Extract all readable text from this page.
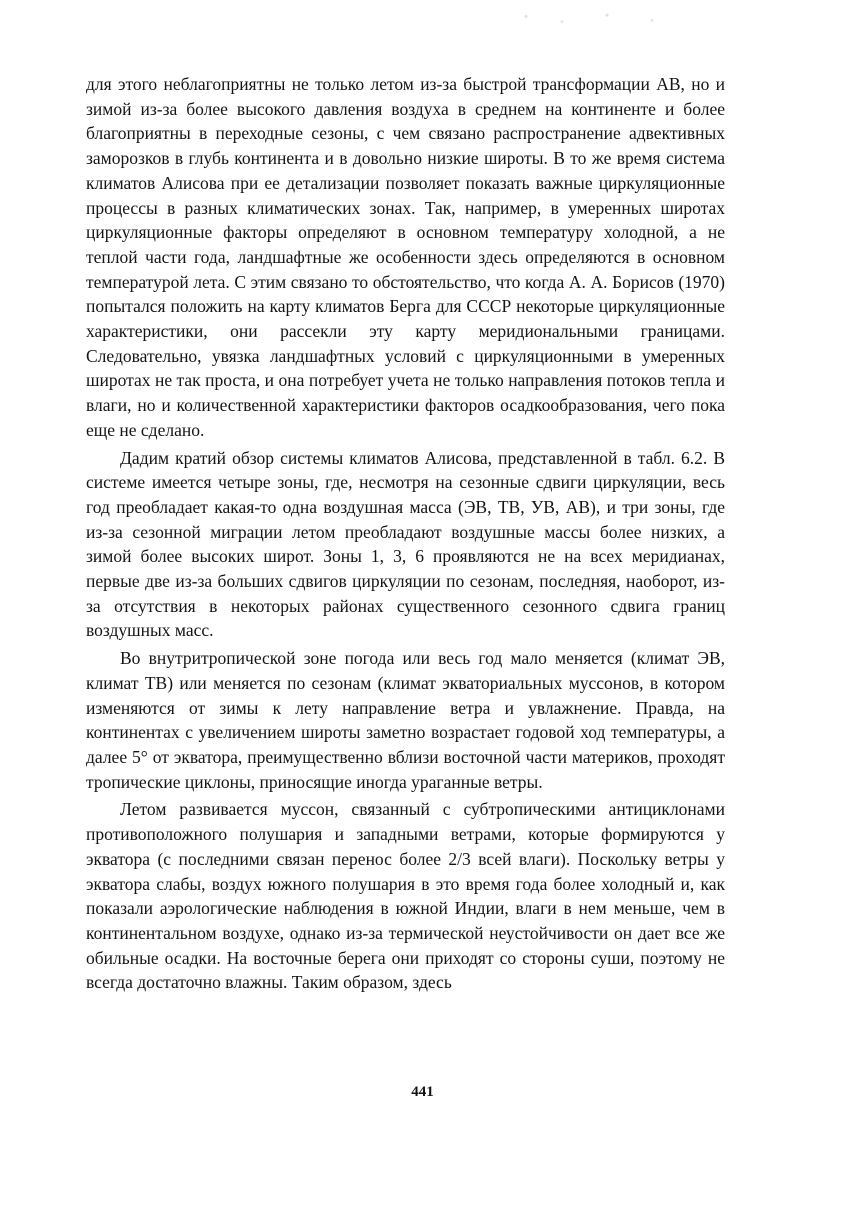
для этого неблагоприятны не только летом из-за быстрой трансформации АВ, но и зимой из-за более высокого давления воздуха в среднем на континенте и более благоприятны в переходные сезоны, с чем связано распространение адвективных заморозков в глубь континента и в довольно низкие широты. В то же время система климатов Алисова при ее детализации позволяет показать важные циркуляционные процессы в разных климатических зонах. Так, например, в умеренных широтах циркуляционные факторы определяют в основном температуру холодной, а не теплой части года, ландшафтные же особенности здесь определяются в основном температурой лета. С этим связано то обстоятельство, что когда А. А. Борисов (1970) попытался положить на карту климатов Берга для СССР некоторые циркуляционные характеристики, они рассекли эту карту меридиональными границами. Следовательно, увязка ландшафтных условий с циркуляционными в умеренных широтах не так проста, и она потребует учета не только направления потоков тепла и влаги, но и количественной характеристики факторов осадкообразования, чего пока еще не сделано.

Дадим кратий обзор системы климатов Алисова, представленной в табл. 6.2. В системе имеется четыре зоны, где, несмотря на сезонные сдвиги циркуляции, весь год преобладает какая-то одна воздушная масса (ЭВ, ТВ, УВ, АВ), и три зоны, где из-за сезонной миграции летом преобладают воздушные массы более низких, а зимой более высоких широт. Зоны 1, 3, 6 проявляются не на всех меридианах, первые две из-за больших сдвигов циркуляции по сезонам, последняя, наоборот, из-за отсутствия в некоторых районах существенного сезонного сдвига границ воздушных масс.

Во внутритропической зоне погода или весь год мало меняется (климат ЭВ, климат ТВ) или меняется по сезонам (климат экваториальных муссонов, в котором изменяются от зимы к лету направление ветра и увлажнение. Правда, на континентах с увеличением широты заметно возрастает годовой ход температуры, а далее 5° от экватора, преимущественно вблизи восточной части материков, проходят тропические циклоны, приносящие иногда ураганные ветры.

Летом развивается муссон, связанный с субтропическими антициклонами противоположного полушария и западными ветрами, которые формируются у экватора (с последними связан перенос более 2/3 всей влаги). Поскольку ветры у экватора слабы, воздух южного полушария в это время года более холодный и, как показали аэрологические наблюдения в южной Индии, влаги в нем меньше, чем в континентальном воздухе, однако из-за термической неустойчивости он дает все же обильные осадки. На восточные берега они приходят со стороны суши, поэтому не всегда достаточно влажны. Таким образом, здесь

441
